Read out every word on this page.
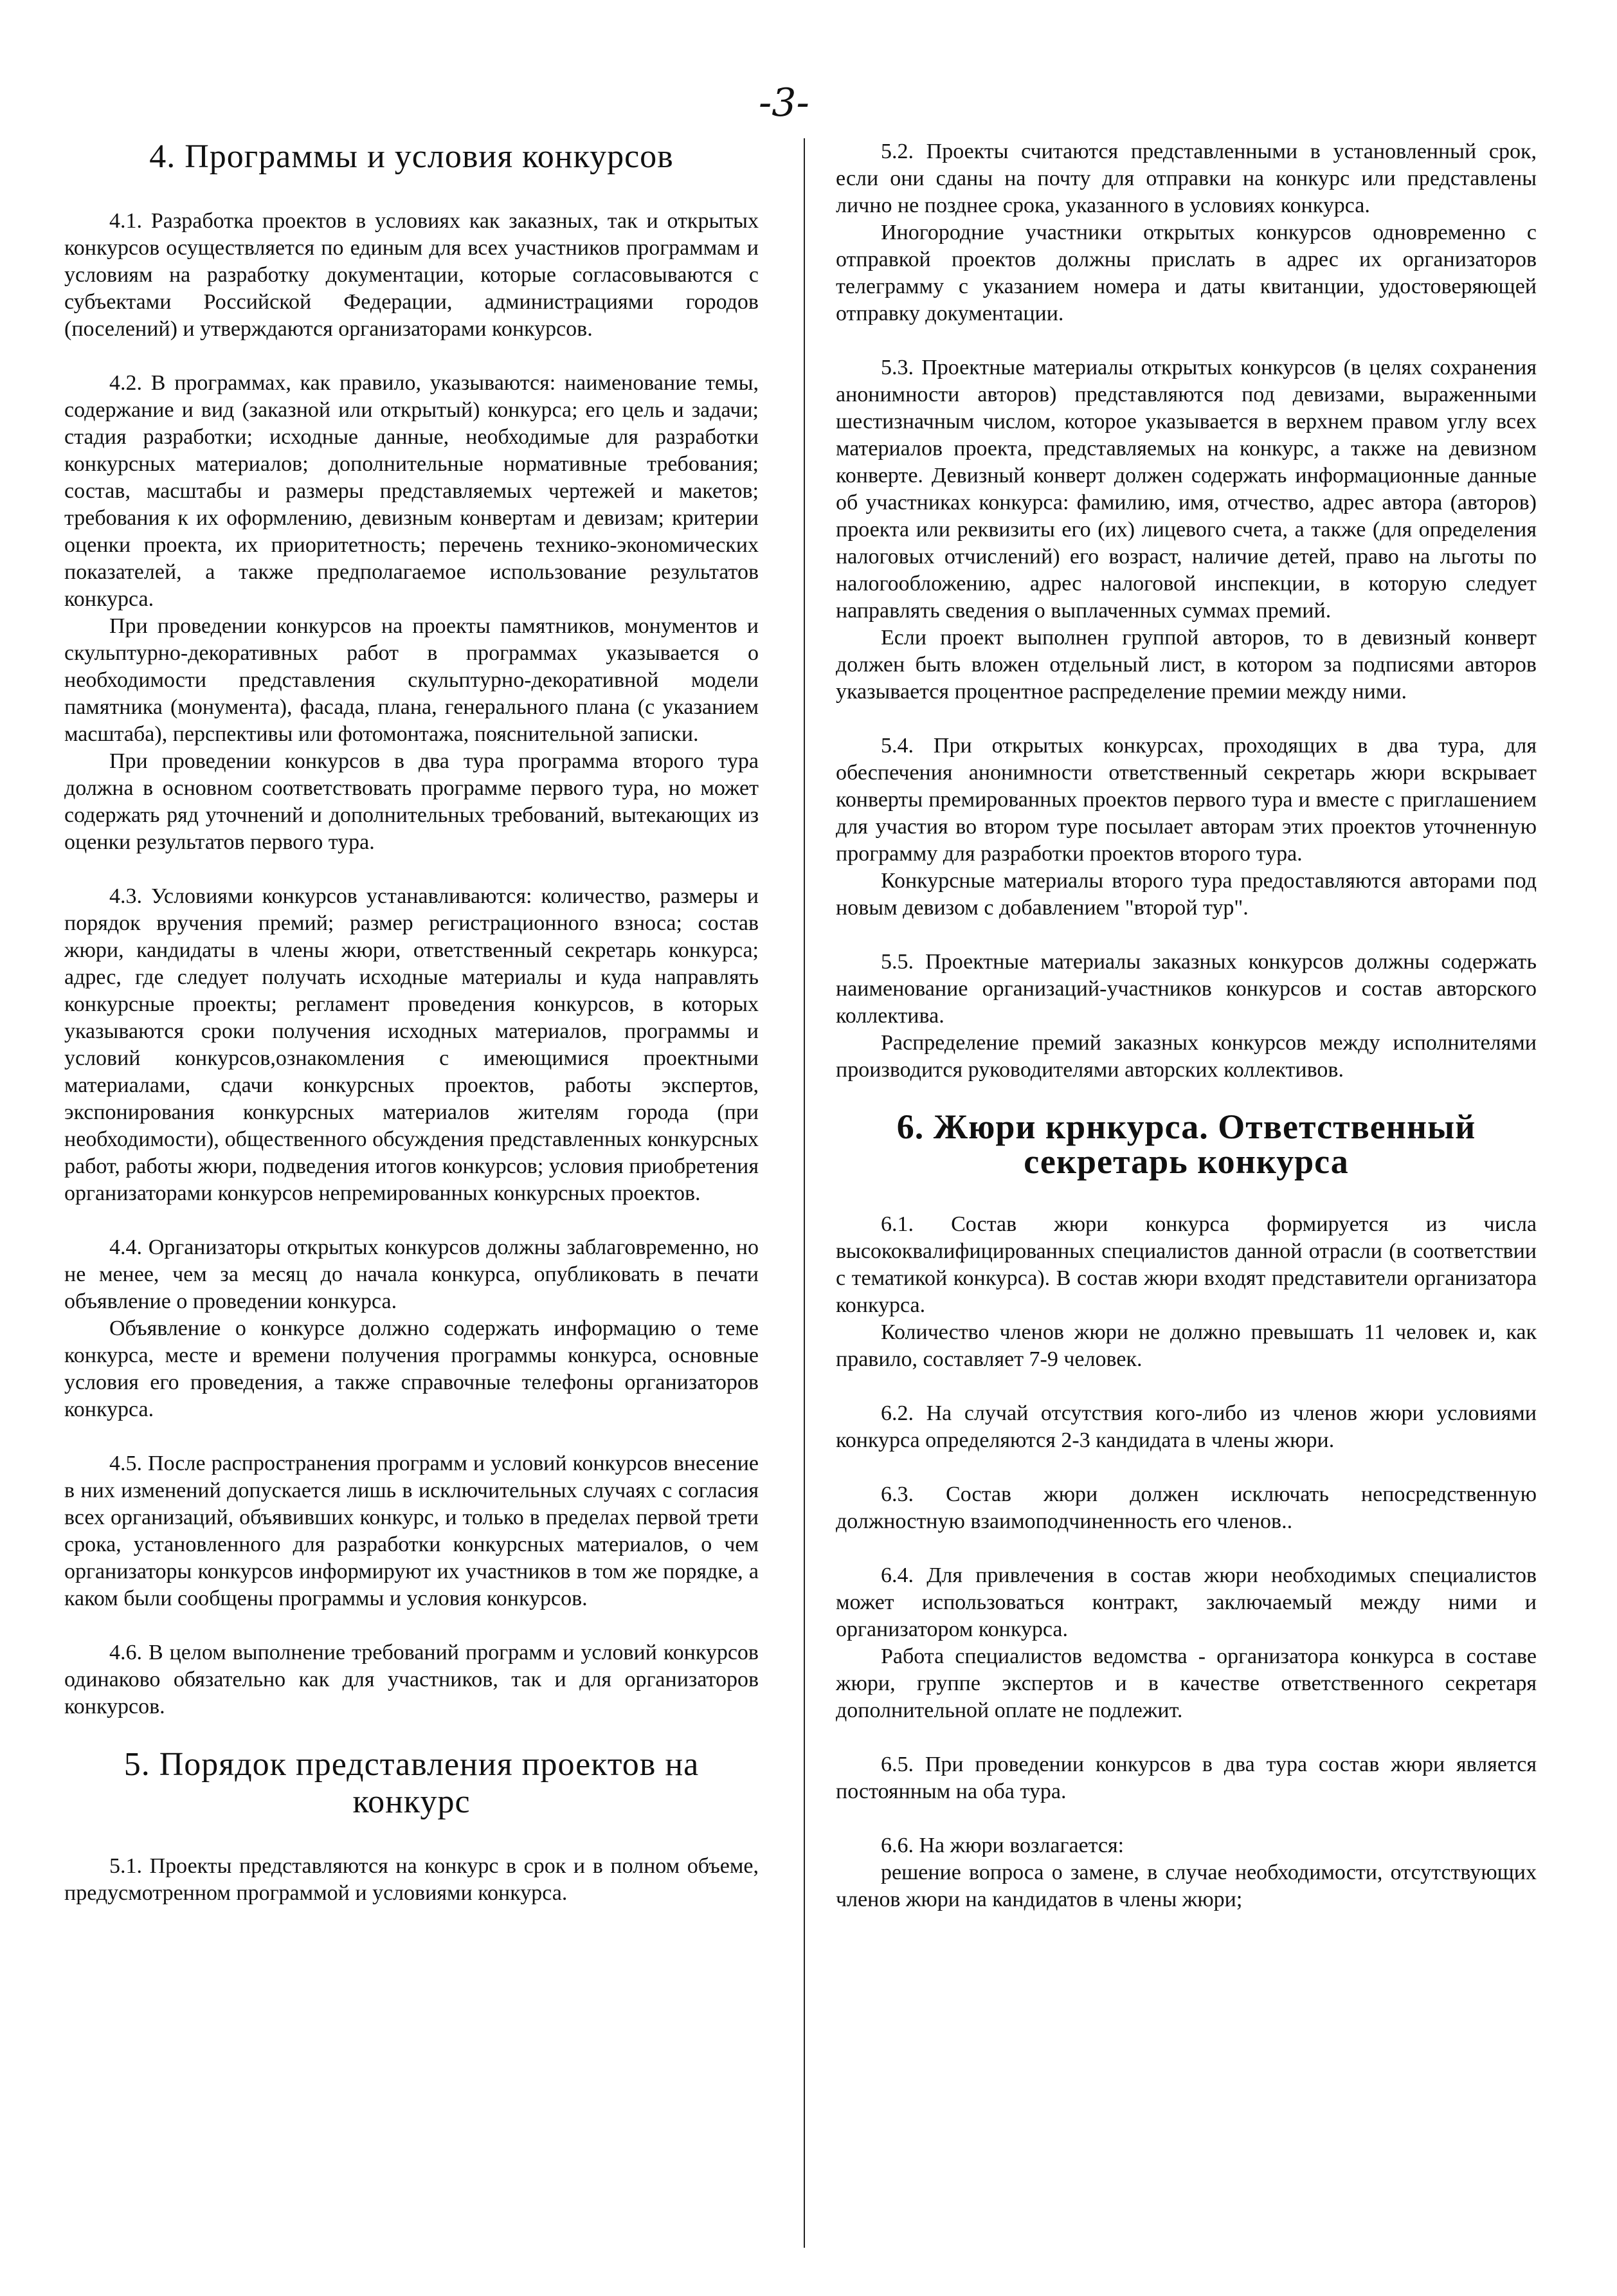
-3-
4. Программы и условия конкурсов

4.1. Разработка проектов в условиях как заказных, так и открытых конкурсов осуществляется по единым для всех участников программам и условиям на разработку документации, которые согласовываются с субъектами Российской Федерации, администрациями городов (поселений) и утверждаются организаторами конкурсов.

4.2. В программах, как правило, указываются: наименование темы, содержание и вид (заказной или открытый) конкурса; его цель и задачи; стадия разработки; исходные данные, необходимые для разработки конкурсных материалов; дополнительные нормативные требования; состав, масштабы и размеры представляемых чертежей и макетов; требования к их оформлению, девизным конвертам и девизам; критерии оценки проекта, их приоритетность; перечень технико-экономических показателей, а также предполагаемое использование результатов конкурса.

При проведении конкурсов на проекты памятников, монументов и скульптурно-декоративных работ в программах указывается о необходимости представления скульптурно-декоративной модели памятника (монумента), фасада, плана, генерального плана (с указанием масштаба), перспективы или фотомонтажа, пояснительной записки.

При проведении конкурсов в два тура программа второго тура должна в основном соответствовать программе первого тура, но может содержать ряд уточнений и дополнительных требований, вытекающих из оценки результатов первого тура.

4.3. Условиями конкурсов устанавливаются: количество, размеры и порядок вручения премий; размер регистрационного взноса; состав жюри, кандидаты в члены жюри, ответственный секретарь конкурса; адрес, где следует получать исходные материалы и куда направлять конкурсные проекты; регламент проведения конкурсов, в которых указываются сроки получения исходных материалов, программы и условий конкурсов,ознакомления с имеющимися проектными материалами, сдачи конкурсных проектов, работы экспертов, экспонирования конкурсных материалов жителям города (при необходимости), общественного обсуждения представленных конкурсных работ, работы жюри, подведения итогов конкурсов; условия приобретения организаторами конкурсов непремированных конкурсных проектов.

4.4. Организаторы открытых конкурсов должны заблаговременно, но не менее, чем за месяц до начала конкурса, опубликовать в печати объявление о проведении конкурса.

Объявление о конкурсе должно содержать информацию о теме конкурса, месте и времени получения программы конкурса, основные условия его проведения, а также справочные телефоны организаторов конкурса.

4.5. После распространения программ и условий конкурсов внесение в них изменений допускается лишь в исключительных случаях с согласия всех организаций, объявивших конкурс, и только в пределах первой трети срока, установленного для разработки конкурсных материалов, о чем организаторы конкурсов информируют их участников в том же порядке, а каком были сообщены программы и условия конкурсов.

4.6. В целом выполнение требований программ и условий конкурсов одинаково обязательно как для участников, так и для организаторов конкурсов.

5. Порядок представления проектов на конкурс

5.1. Проекты представляются на конкурс в срок и в полном объеме, предусмотренном программой и условиями конкурса.

5.2. Проекты считаются представленными в установленный срок, если они сданы на почту для отправки на конкурс или представлены лично не позднее срока, указанного в условиях конкурса.

Иногородние участники открытых конкурсов одновременно с отправкой проектов должны прислать в адрес их организаторов телеграмму с указанием номера и даты квитанции, удостоверяющей отправку документации.

5.3. Проектные материалы открытых конкурсов (в целях сохранения анонимности авторов) представляются под девизами, выраженными шестизначным числом, которое указывается в верхнем правом углу всех материалов проекта, представляемых на конкурс, а также на девизном конверте. Девизный конверт должен содержать информационные данные об участниках конкурса: фамилию, имя, отчество, адрес автора (авторов) проекта или реквизиты его (их) лицевого счета, а также (для определения налоговых отчислений) его возраст, наличие детей, право на льготы по налогообложению, адрес налоговой инспекции, в которую следует направлять сведения о выплаченных суммах премий.

Если проект выполнен группой авторов, то в девизный конверт должен быть вложен отдельный лист, в котором за подписями авторов указывается процентное распределение премии между ними.

5.4. При открытых конкурсах, проходящих в два тура, для обеспечения анонимности ответственный секретарь жюри вскрывает конверты премированных проектов первого тура и вместе с приглашением для участия во втором туре посылает авторам этих проектов уточненную программу для разработки проектов второго тура.

Конкурсные материалы второго тура предоставляются авторами под новым девизом с добавлением "второй тур".

5.5. Проектные материалы заказных конкурсов должны содержать наименование организаций-участников конкурсов и состав авторского коллектива.

Распределение премий заказных конкурсов между исполнителями производится руководителями авторских коллективов.

6. Жюри крнкурса. Ответственный секретарь конкурса

6.1. Состав жюри конкурса формируется из числа высококвалифицированных специалистов данной отрасли (в соответствии с тематикой конкурса). В состав жюри входят представители организатора конкурса.

Количество членов жюри не должно превышать 11 человек и, как правило, составляет 7-9 человек.

6.2. На случай отсутствия кого-либо из членов жюри условиями конкурса определяются 2-3 кандидата в члены жюри.

6.3. Состав жюри должен исключать непосредственную должностную взаимоподчиненность его членов..

6.4. Для привлечения в состав жюри необходимых специалистов может использоваться контракт, заключаемый между ними и организатором конкурса.

Работа специалистов ведомства - организатора конкурса в составе жюри, группе экспертов и в качестве ответственного секретаря дополнительной оплате не подлежит.

6.5. При проведении конкурсов в два тура состав жюри является постоянным на оба тура.

6.6. На жюри возлагается:

решение вопроса о замене, в случае необходимости, отсутствующих членов жюри на кандидатов в члены жюри;
